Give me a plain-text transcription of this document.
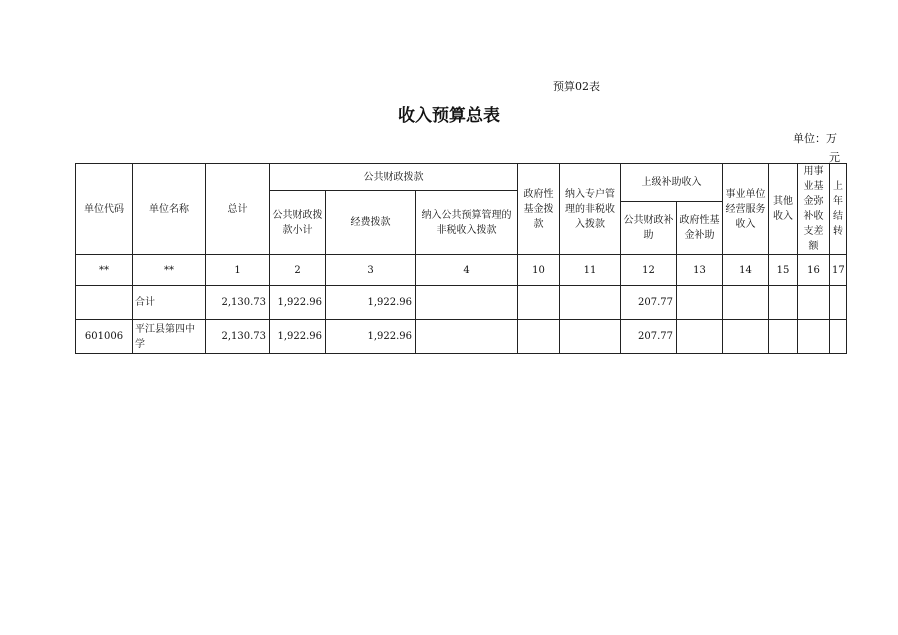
预算02表
收入预算总表
单位：万
元
单位代码	单位名称	总计	公共财政拨款			政府性基金拨款	纳入专户管理的非税收入拨款	上级补助收入		事业单位经营服务收入	其他收入	用事业基金弥补收支差额	上年结转
			公共财政拨款小计	经费拨款	纳入公共预算管理的非税收入拨款								
								公共财政补助	政府性基金补助				
**	**	1	2	3	4	10	11	12	13	14	15	16	17
	合计	2,130.73	1,922.96	1,922.96				207.77					
601006	平江县第四中学	2,130.73	1,922.96	1,922.96				207.77					
